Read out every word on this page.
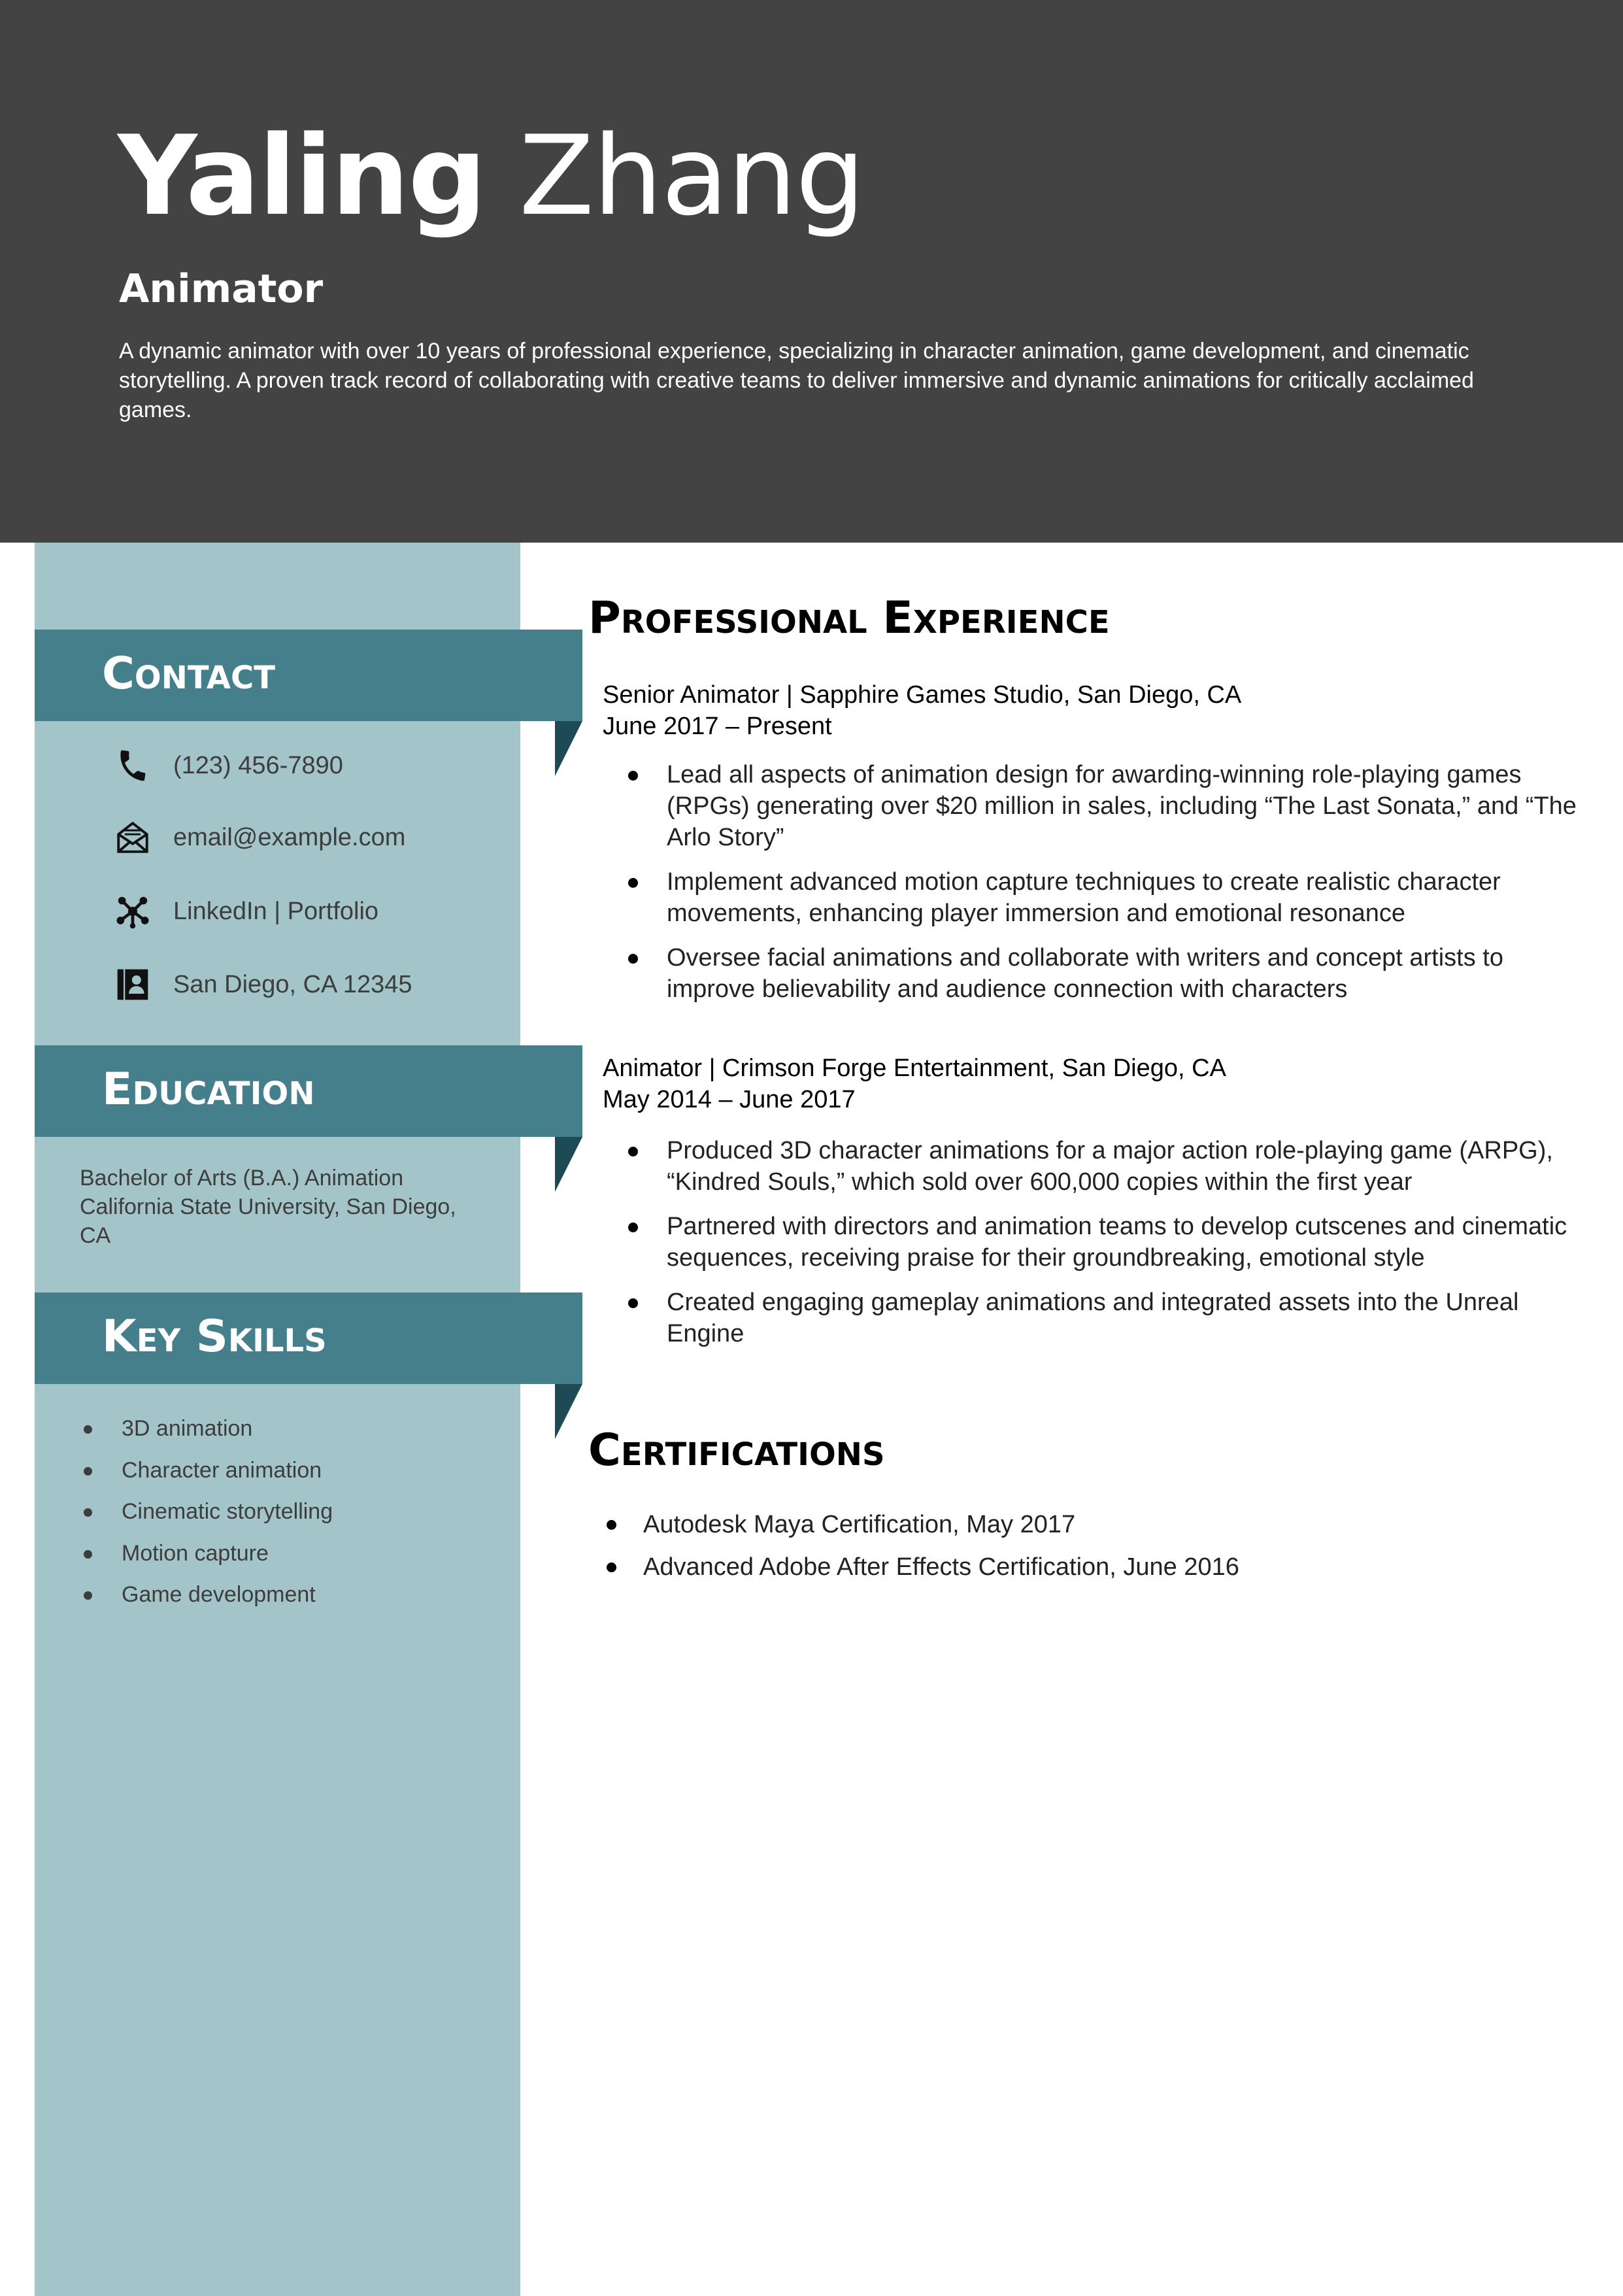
Yaling Zhang
Animator
A dynamic animator with over 10 years of professional experience, specializing in character animation, game development, and cinematic storytelling. A proven track record of collaborating with creative teams to deliver immersive and dynamic animations for critically acclaimed games.
Contact
(123) 456-7890
email@example.com
LinkedIn | Portfolio
San Diego, CA 12345
Education
Key Skills
Bachelor of Arts (B.A.) Animation
California State University, San Diego,
CA
3D animation
Character animation
Cinematic storytelling
Motion capture
Game development
Professional Experience
Senior Animator | Sapphire Games Studio, San Diego, CA
June 2017 – Present
Lead all aspects of animation design for awarding-winning role-playing games (RPGs) generating over $20 million in sales, including “The Last Sonata,” and “The Arlo Story”
Implement advanced motion capture techniques to create realistic character movements, enhancing player immersion and emotional resonance
Oversee facial animations and collaborate with writers and concept artists to improve believability and audience connection with characters
Animator | Crimson Forge Entertainment, San Diego, CA
May 2014 – June 2017
Produced 3D character animations for a major action role-playing game (ARPG), “Kindred Souls,” which sold over 600,000 copies within the first year
Partnered with directors and animation teams to develop cutscenes and cinematic sequences, receiving praise for their groundbreaking, emotional style
Created engaging gameplay animations and integrated assets into the Unreal Engine
Certifications
Autodesk Maya Certification, May 2017
Advanced Adobe After Effects Certification, June 2016
